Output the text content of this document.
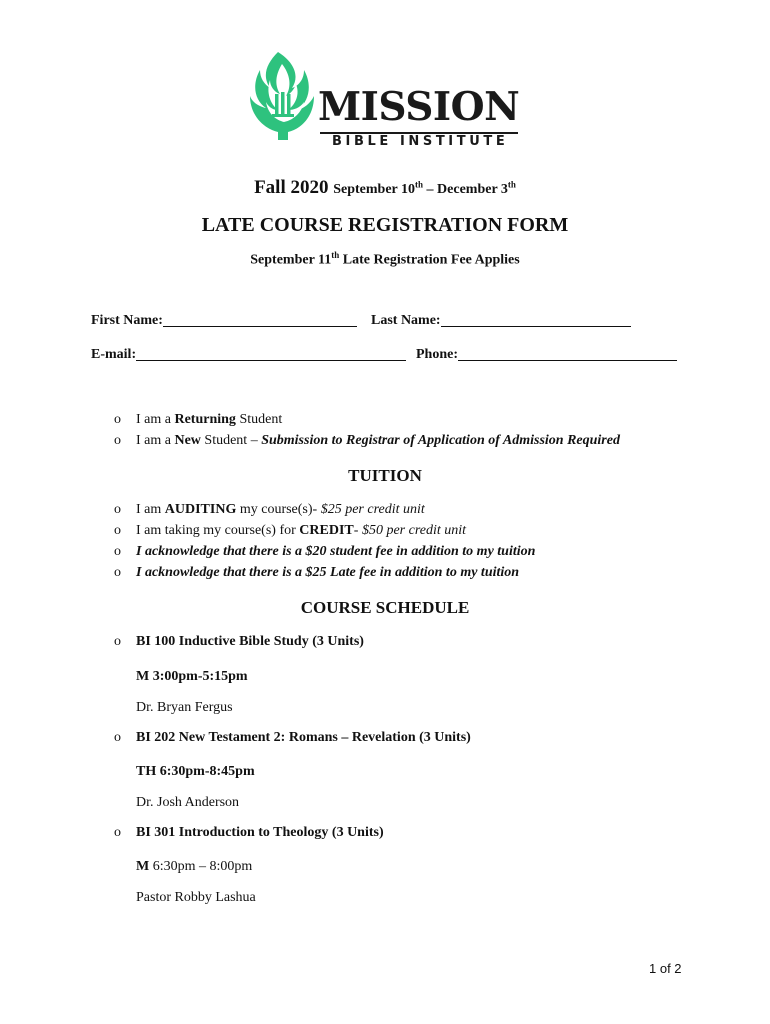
MISSION
BIBLE INSTITUTE
Fall 2020 September 10th – December 3th
LATE COURSE REGISTRATION FORM
September 11th Late Registration Fee Applies
First Name:	Last Name:
E-mail:	Phone:
o I am a Returning Student
o I am a New Student – Submission to Registrar of Application of Admission Required
TUITION
o I am AUDITING my course(s)- $25 per credit unit
o I am taking my course(s) for CREDIT- $50 per credit unit
o I acknowledge that there is a $20 student fee in addition to my tuition
o I acknowledge that there is a $25 Late fee in addition to my tuition
COURSE SCHEDULE
o BI 100 Inductive Bible Study (3 Units)
M 3:00pm-5:15pm
Dr. Bryan Fergus
o BI 202 New Testament 2: Romans – Revelation (3 Units)
TH 6:30pm-8:45pm
Dr. Josh Anderson
o BI 301 Introduction to Theology (3 Units)
M 6:30pm – 8:00pm
Pastor Robby Lashua
1 of 2
